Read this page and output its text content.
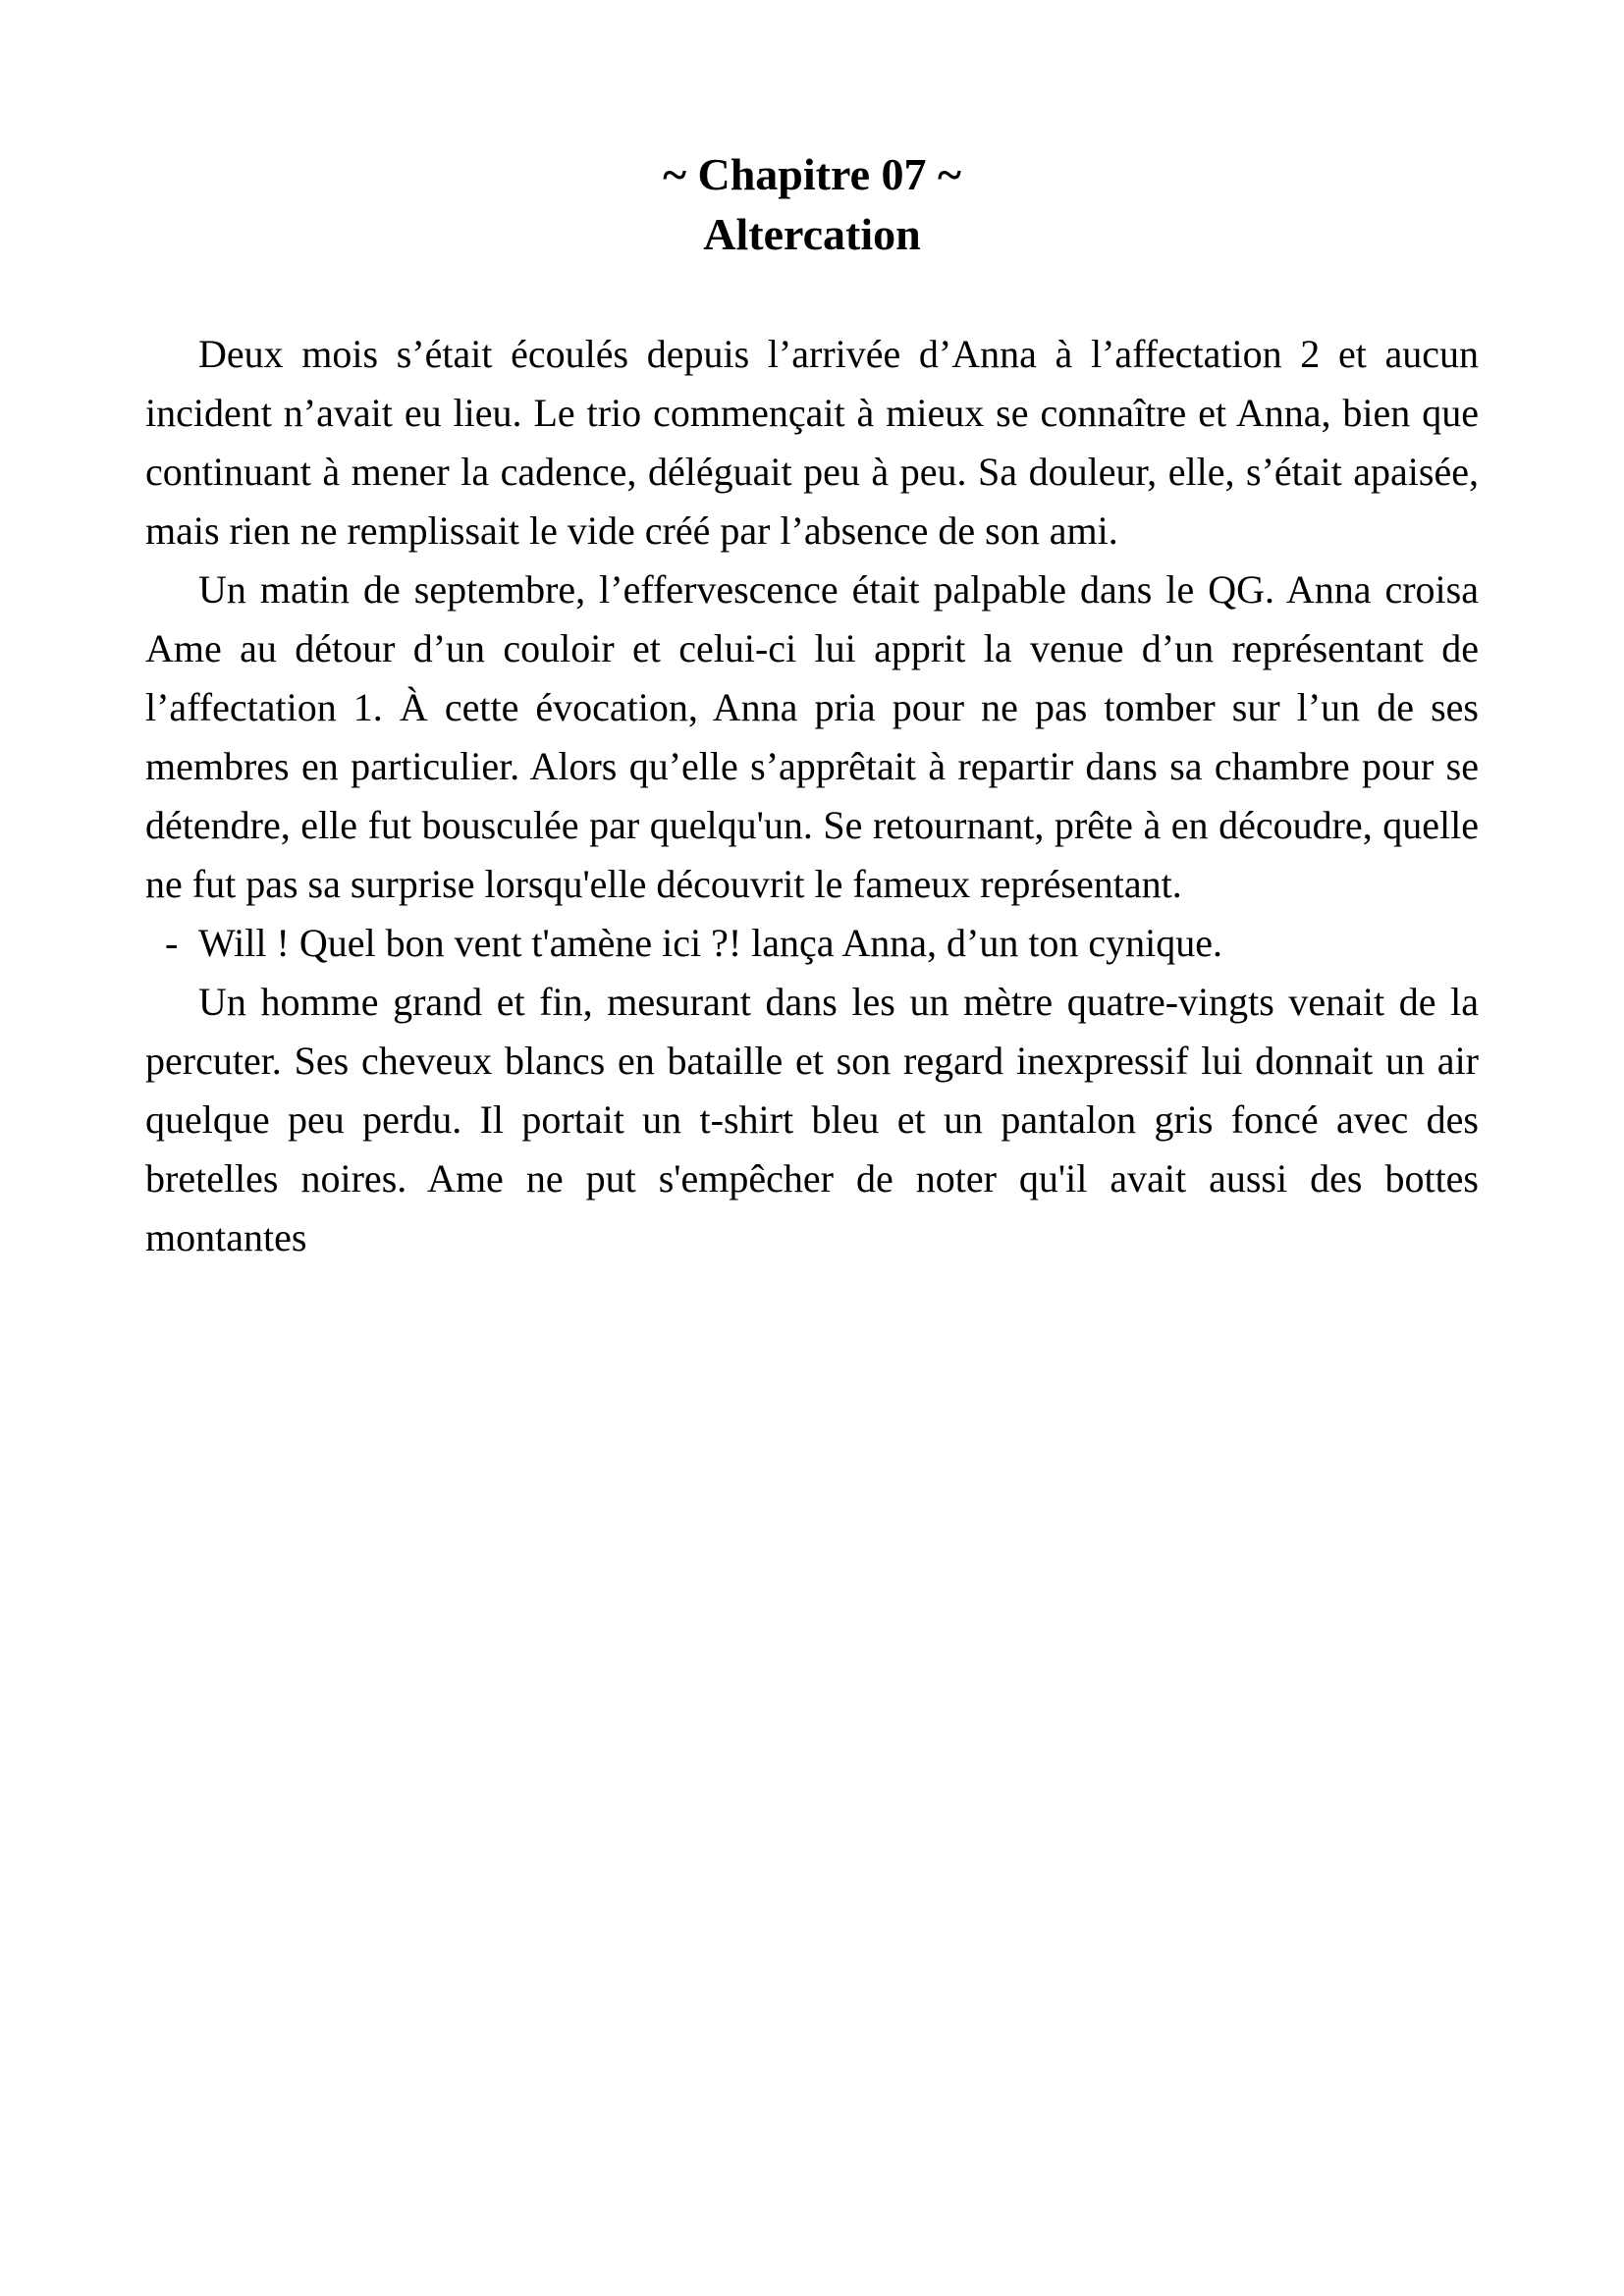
~ Chapitre 07 ~
Altercation

Deux mois s’était écoulés depuis l’arrivée d’Anna à l’affectation 2 et aucun incident n’avait eu lieu. Le trio commençait à mieux se connaître et Anna, bien que continuant à mener la cadence, déléguait peu à peu. Sa douleur, elle, s’était apaisée, mais rien ne remplissait le vide créé par l’absence de son ami.

Un matin de septembre, l’effervescence était palpable dans le QG. Anna croisa Ame au détour d’un couloir et celui-ci lui apprit la venue d’un représentant de l’affectation 1. À cette évocation, Anna pria pour ne pas tomber sur l’un de ses membres en particulier. Alors qu’elle s’apprêtait à repartir dans sa chambre pour se détendre, elle fut bousculée par quelqu'un. Se retournant, prête à en découdre, quelle ne fut pas sa surprise lorsqu'elle découvrit le fameux représentant.

- Will ! Quel bon vent t'amène ici ?! lança Anna, d’un ton cynique.

Un homme grand et fin, mesurant dans les un mètre quatre-vingts venait de la percuter. Ses cheveux blancs en bataille et son regard inexpressif lui donnait un air quelque peu perdu. Il portait un t-shirt bleu et un pantalon gris foncé avec des bretelles noires. Ame ne put s'empêcher de noter qu'il avait aussi des bottes montantes
